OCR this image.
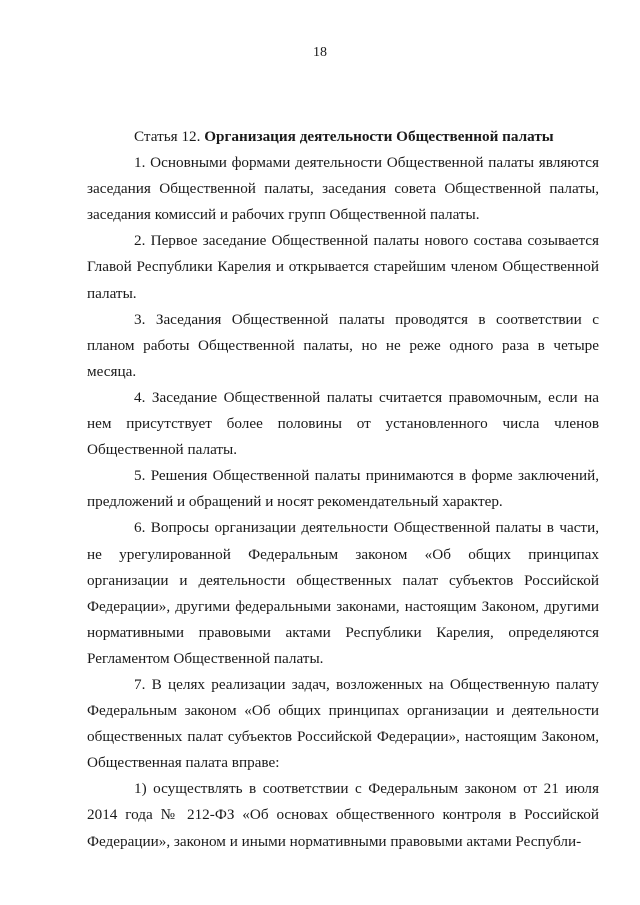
18

Статья 12. Организация деятельности Общественной палаты

1. Основными формами деятельности Общественной палаты являются заседания Общественной палаты, заседания совета Общественной палаты, заседания комиссий и рабочих групп Общественной палаты.

2. Первое заседание Общественной палаты нового состава созывается Главой Республики Карелия и открывается старейшим членом Общественной палаты.

3. Заседания Общественной палаты проводятся в соответствии с планом работы Общественной палаты, но не реже одного раза в четыре месяца.

4. Заседание Общественной палаты считается правомочным, если на нем присутствует более половины от установленного числа членов Общественной палаты.

5. Решения Общественной палаты принимаются в форме заключений, предложений и обращений и носят рекомендательный характер.

6. Вопросы организации деятельности Общественной палаты в части, не урегулированной Федеральным законом «Об общих принципах организации и деятельности общественных палат субъектов Российской Федерации», другими федеральными законами, настоящим Законом, другими нормативными правовыми актами Республики Карелия, определяются Регламентом Общественной палаты.

7. В целях реализации задач, возложенных на Общественную палату Федеральным законом «Об общих принципах организации и деятельности общественных палат субъектов Российской Федерации», настоящим Законом, Общественная палата вправе:

1) осуществлять в соответствии с Федеральным законом от 21 июля 2014 года № 212-ФЗ «Об основах общественного контроля в Российской Федерации», законом и иными нормативными правовыми актами Республи-
